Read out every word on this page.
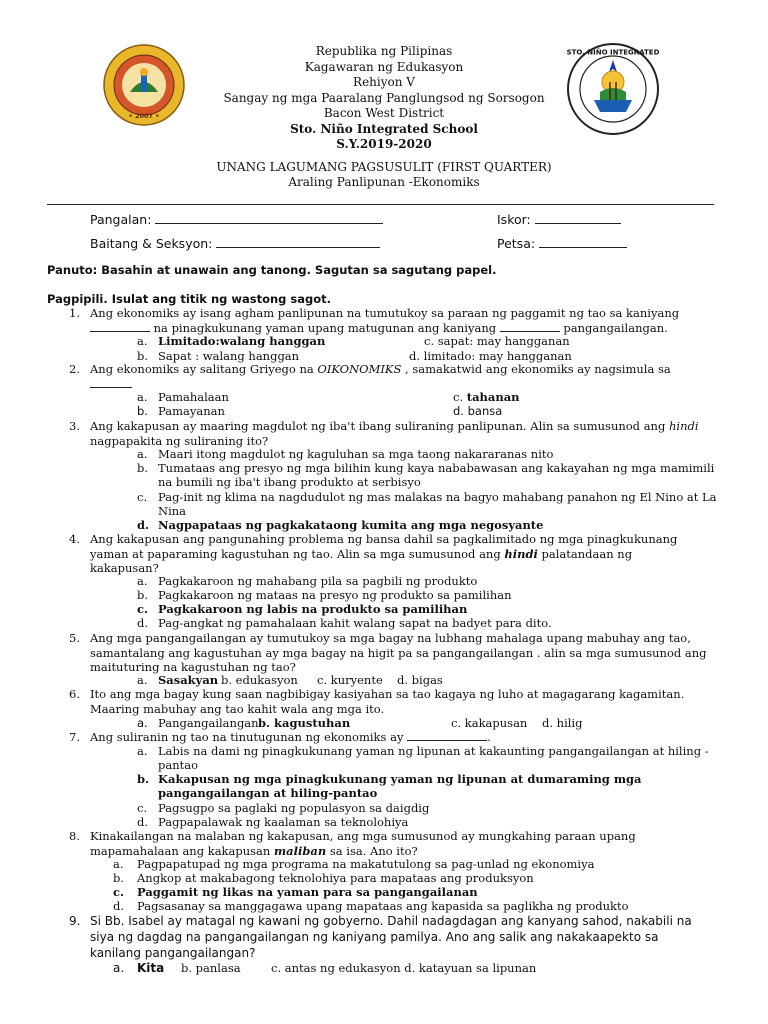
• 2007 •
STO. NIÑO INTEGRATED
Republika ng Pilipinas
Kagawaran ng Edukasyon
Rehiyon V
Sangay ng mga Paaralang Panglungsod ng Sorsogon
Bacon West District
Sto. Niño Integrated School
S.Y.2019-2020
UNANG LAGUMANG PAGSUSULIT (FIRST QUARTER)
Araling Panlipunan -Ekonomiks
Pangalan:	Iskor:
Baitang & Seksyon:	Petsa:
Panuto: Basahin at unawain ang tanong. Sagutan sa sagutang papel.
Pagpipili. Isulat ang titik ng wastong sagot.
1. Ang ekonomiks ay isang agham panlipunan na tumutukoy sa paraan ng paggamit ng tao sa kaniyang
na pinagkukunang yaman upang matugunan ang kaniyang	pangangailangan.
a. Limitado:walang hanggan	c. sapat: may hangganan
b. Sapat : walang hanggan	d. limitado: may hangganan
2. Ang ekonomiks ay salitang Griyego na OIKONOMIKS , samakatwid ang ekonomiks ay nagsimula sa
a. Pamahalaan	c. tahanan
b. Pamayanan	d. bansa
3. Ang kakapusan ay maaring magdulot ng iba't ibang suliraning panlipunan. Alin sa sumusunod ang hindi
nagpapakita ng suliraning ito?
a. Maari itong magdulot ng kaguluhan sa mga taong nakararanas nito
b. Tumataas ang presyo ng mga bilihin kung kaya nababawasan ang kakayahan ng mga mamimili
na bumili ng iba't ibang produkto at serbisyo
c. Pag-init ng klima na nagdudulot ng mas malakas na bagyo mahabang panahon ng El Nino at La
Nina
d. Nagpapataas ng pagkakataong kumita ang mga negosyante
4. Ang kakapusan ang pangunahing problema ng bansa dahil sa pagkalimitado ng mga pinagkukunang
yaman at paparaming kagustuhan ng tao. Alin sa mga sumusunod ang hindi palatandaan ng
kakapusan?
a. Pagkakaroon ng mahabang pila sa pagbili ng produkto
b. Pagkakaroon ng mataas na presyo ng produkto sa pamilihan
c. Pagkakaroon ng labis na produkto sa pamilihan
d. Pag-angkat ng pamahalaan kahit walang sapat na badyet para dito.
5. Ang mga pangangailangan ay tumutukoy sa mga bagay na lubhang mahalaga upang mabuhay ang tao,
samantalang ang kagustuhan ay mga bagay na higit pa sa pangangailangan . alin sa mga sumusunod ang
maituturing na kagustuhan ng tao?
a. Sasakyan b. edukasyon c. kuryente d. bigas
6. Ito ang mga bagay kung saan nagbibigay kasiyahan sa tao kagaya ng luho at magagarang kagamitan.
Maaring mabuhay ang tao kahit wala ang mga ito.
a. Pangangailangan b. kagustuhan	c. kakapusan d. hilig
7. Ang suliranin ng tao na tinutugunan ng ekonomiks ay	.
a. Labis na dami ng pinagkukunang yaman ng lipunan at kakaunting pangangailangan at hiling -
pantao
b. Kakapusan ng mga pinagkukunang yaman ng lipunan at dumaraming mga
pangangailangan at hiling-pantao
c. Pagsugpo sa paglaki ng populasyon sa daigdig
d. Pagpapalawak ng kaalaman sa teknolohiya
8. Kinakailangan na malaban ng kakapusan, ang mga sumusunod ay mungkahing paraan upang
mapamahalaan ang kakapusan maliban sa isa. Ano ito?
a. Pagpapatupad ng mga programa na makatutulong sa pag-unlad ng ekonomiya
b. Angkop at makabagong teknolohiya para mapataas ang produksyon
c. Paggamit ng likas na yaman para sa pangangailanan
d. Pagsasanay sa manggagawa upang mapataas ang kapasida sa paglikha ng produkto
9. Si Bb. Isabel ay matagal ng kawani ng gobyerno. Dahil nadagdagan ang kanyang sahod, nakabili na
siya ng dagdag na pangangailangan ng kaniyang pamilya. Ano ang salik ang nakakaapekto sa
kanilang pangangailangan?
a. Kita b. panlasa	c. antas ng edukasyon d. katayuan sa lipunan
